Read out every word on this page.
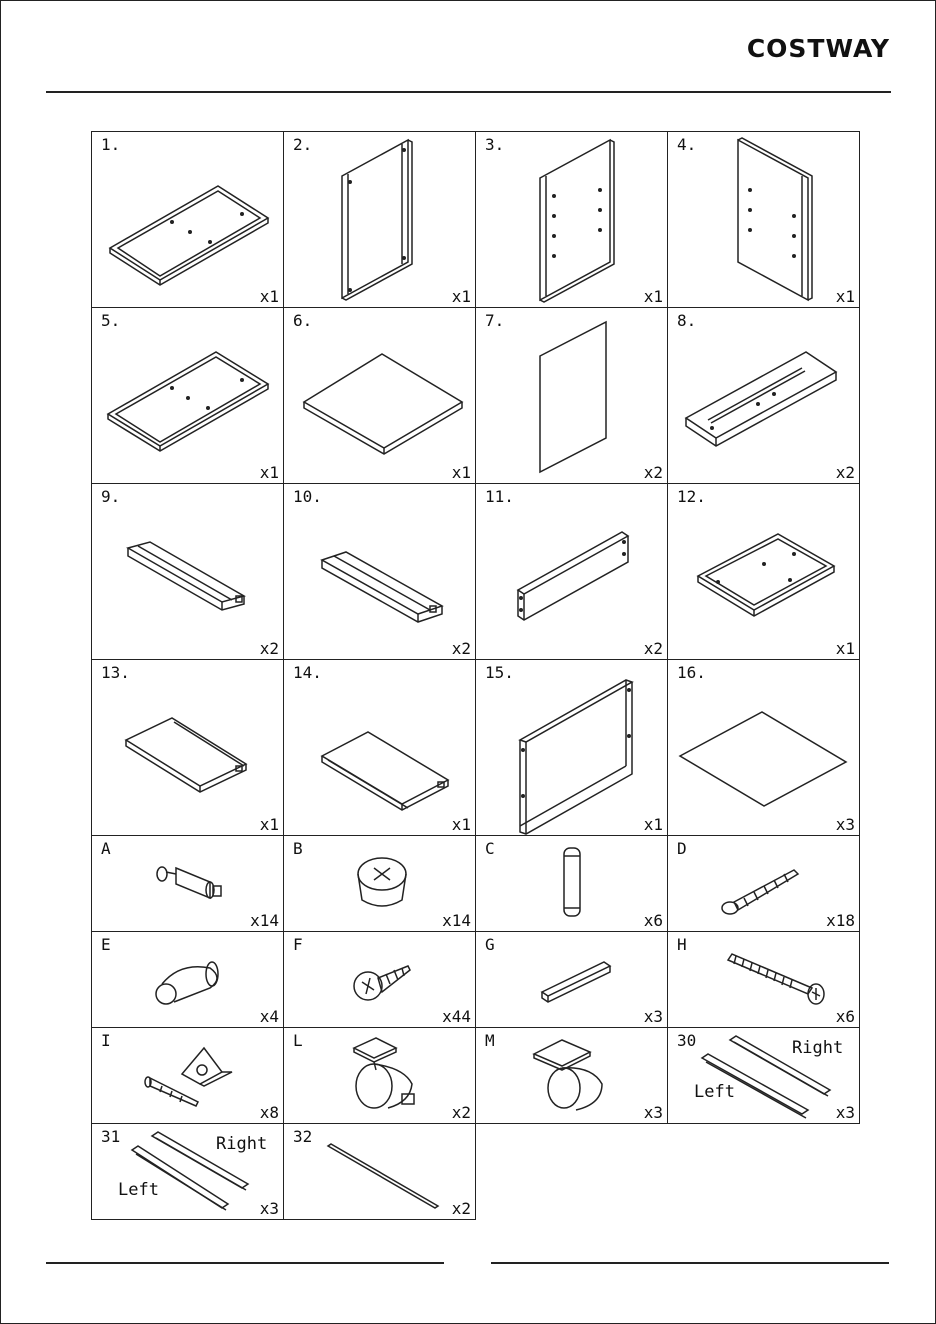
COSTWAY
1.
x1
2.
x1
3.
x1
4.
x1
5.
x1
6.
x1
7.
x2
8.
x2
9.
x2
10.
x2
11.
x2
12.
x1
13.
x1
14.
x1
15.
x1
16.
x3
A
x14
B
x14
C
x6
D
x18
E
x4
F
x44
G
x3
H
x6
I
x8
L
x2
M
x3
30	Right
Left
x3
31	Right
Left
x3
32
x2
